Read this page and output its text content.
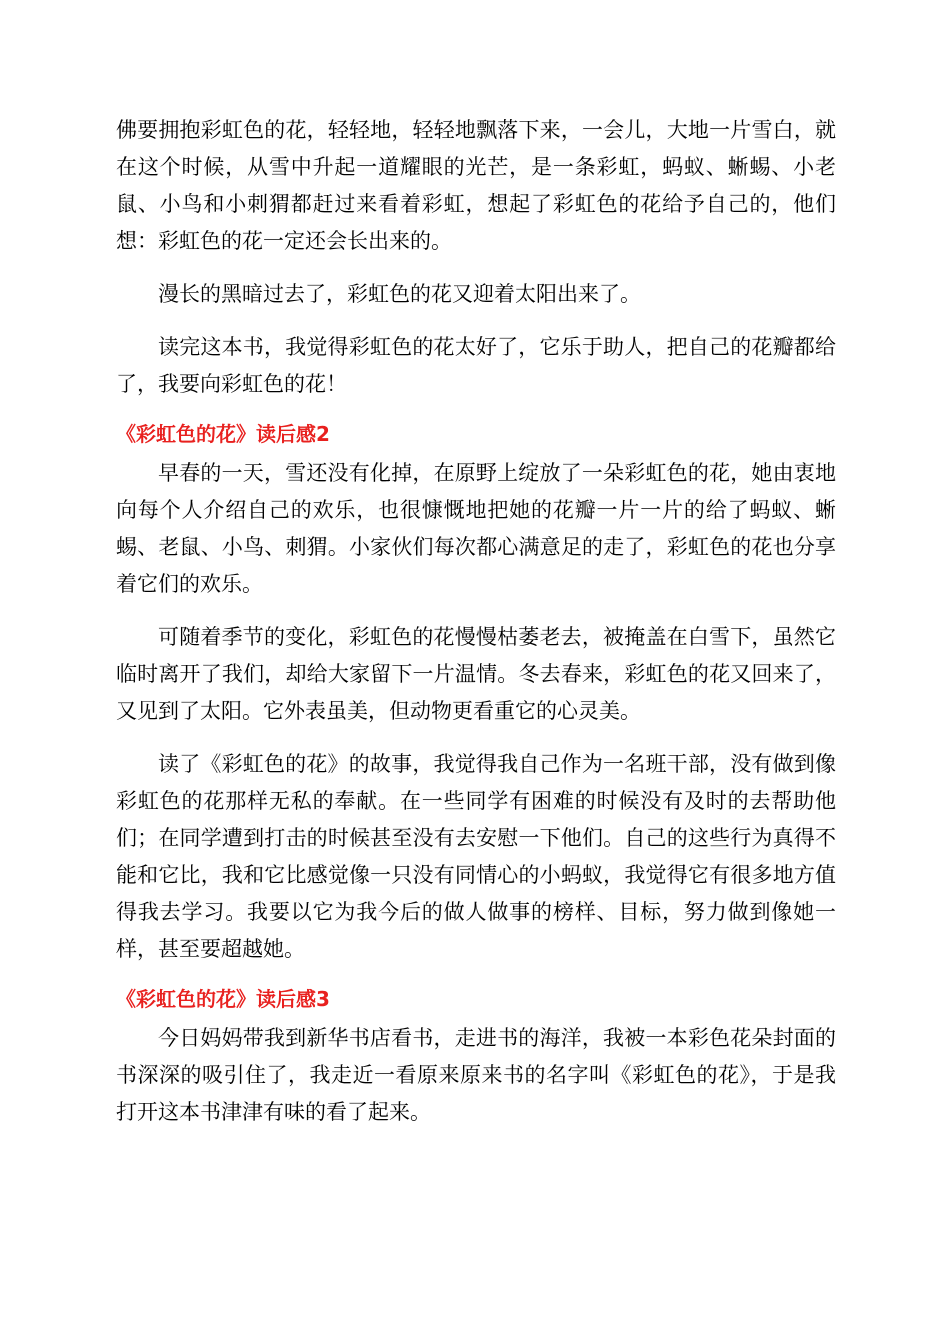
佛要拥抱彩虹色的花，轻轻地，轻轻地飘落下来，一会儿，大地一片雪白，就在这个时候，从雪中升起一道耀眼的光芒，是一条彩虹，蚂蚁、蜥蜴、小老鼠、小鸟和小刺猬都赶过来看着彩虹，想起了彩虹色的花给予自己的，他们想：彩虹色的花一定还会长出来的。

漫长的黑暗过去了，彩虹色的花又迎着太阳出来了。

读完这本书，我觉得彩虹色的花太好了，它乐于助人，把自己的花瓣都给了，我要向彩虹色的花！

《彩虹色的花》读后感2

早春的一天，雪还没有化掉，在原野上绽放了一朵彩虹色的花，她由衷地向每个人介绍自己的欢乐，也很慷慨地把她的花瓣一片一片的给了蚂蚁、蜥蜴、老鼠、小鸟、刺猬。小家伙们每次都心满意足的走了，彩虹色的花也分享着它们的欢乐。

可随着季节的变化，彩虹色的花慢慢枯萎老去，被掩盖在白雪下，虽然它临时离开了我们，却给大家留下一片温情。冬去春来，彩虹色的花又回来了，又见到了太阳。它外表虽美，但动物更看重它的心灵美。

读了《彩虹色的花》的故事，我觉得我自己作为一名班干部，没有做到像彩虹色的花那样无私的奉献。在一些同学有困难的时候没有及时的去帮助他们；在同学遭到打击的时候甚至没有去安慰一下他们。自己的这些行为真得不能和它比，我和它比感觉像一只没有同情心的小蚂蚁，我觉得它有很多地方值得我去学习。我要以它为我今后的做人做事的榜样、目标，努力做到像她一样，甚至要超越她。

《彩虹色的花》读后感3

今日妈妈带我到新华书店看书，走进书的海洋，我被一本彩色花朵封面的书深深的吸引住了，我走近一看原来原来书的名字叫《彩虹色的花》，于是我打开这本书津津有味的看了起来。
